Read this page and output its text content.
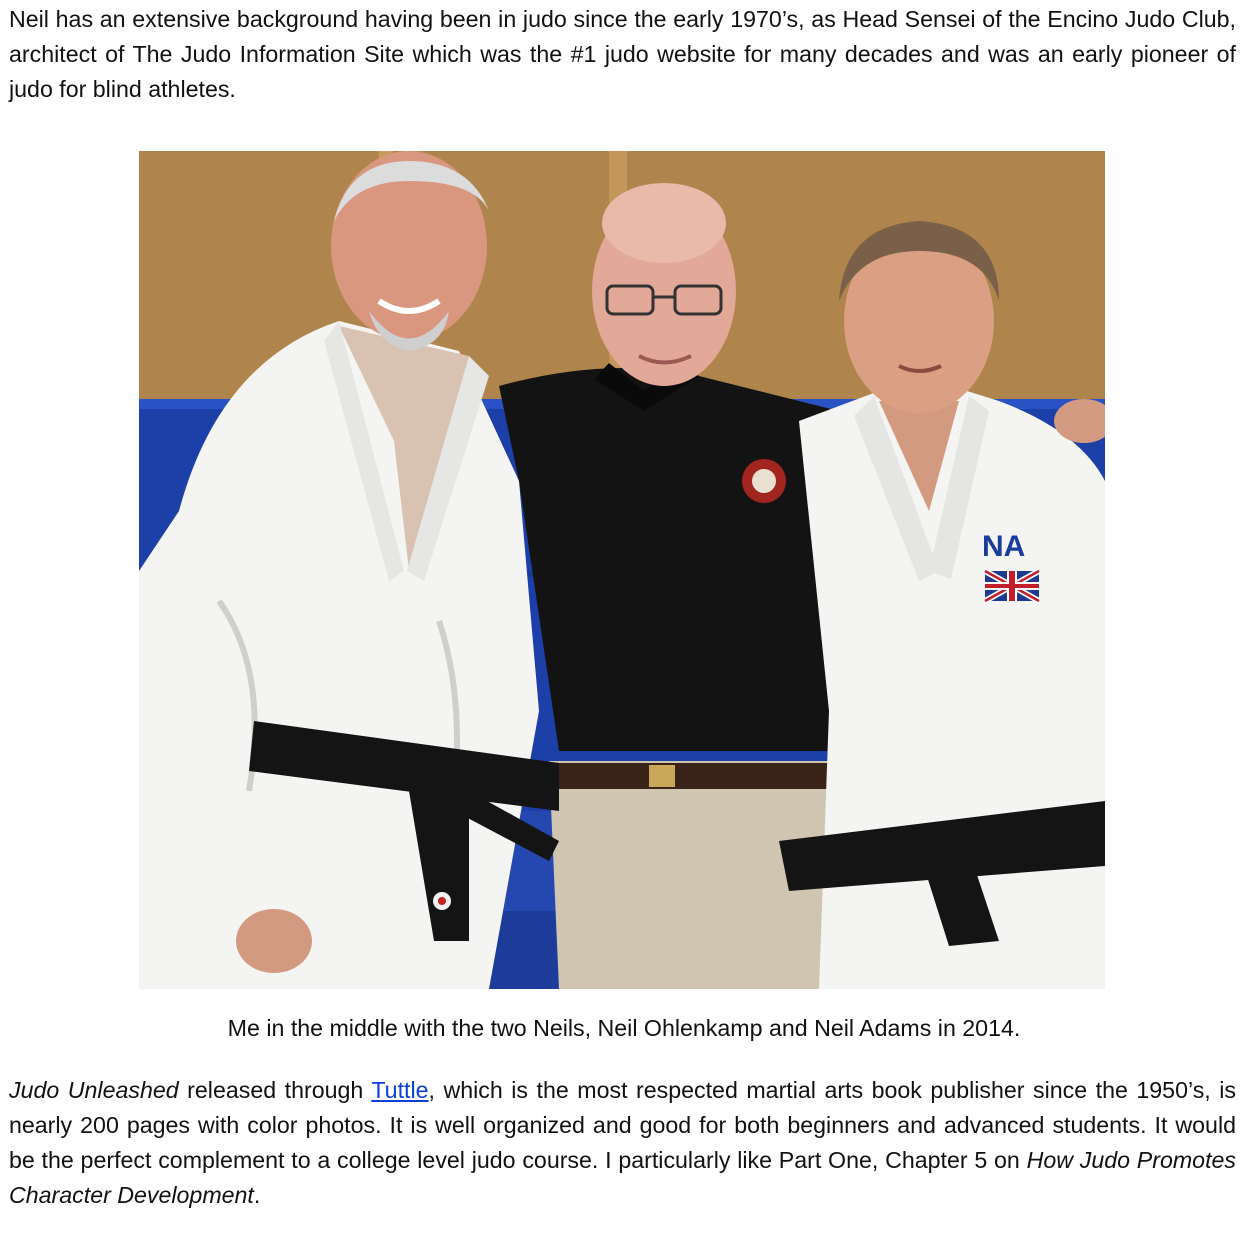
Neil has an extensive background having been in judo since the early 1970’s, as Head Sensei of the Encino Judo Club, architect of The Judo Information Site which was the #1 judo website for many decades and was an early pioneer of judo for blind athletes.

NA

Me in the middle with the two Neils, Neil Ohlenkamp and Neil Adams in 2014.

Judo Unleashed released through Tuttle, which is the most respected martial arts book publisher since the 1950’s, is nearly 200 pages with color photos. It is well organized and good for both beginners and advanced students. It would be the perfect complement to a college level judo course. I particularly like Part One, Chapter 5 on How Judo Promotes Character Development.
